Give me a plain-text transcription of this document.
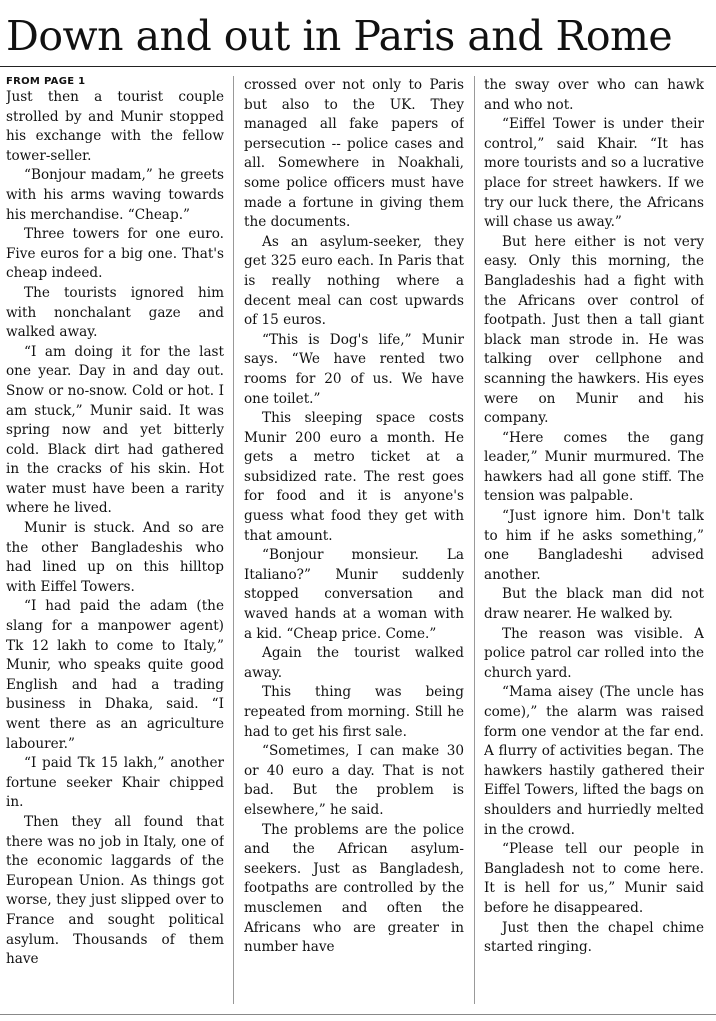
Down and out in Paris and Rome
FROM PAGE 1

Just then a tourist couple strolled by and Munir stopped his exchange with the fellow tower-seller.

“Bonjour madam,” he greets with his arms waving towards his merchandise. “Cheap.”

Three towers for one euro. Five euros for a big one. That's cheap indeed.

The tourists ignored him with nonchalant gaze and walked away.

“I am doing it for the last one year. Day in and day out. Snow or no-snow. Cold or hot. I am stuck,” Munir said. It was spring now and yet bitterly cold. Black dirt had gathered in the cracks of his skin. Hot water must have been a rarity where he lived.

Munir is stuck. And so are the other Bangladeshis who had lined up on this hilltop with Eiffel Towers.

“I had paid the adam (the slang for a manpower agent) Tk 12 lakh to come to Italy,” Munir, who speaks quite good English and had a trading business in Dhaka, said. “I went there as an agriculture labourer.”

“I paid Tk 15 lakh,” another fortune seeker Khair chipped in.

Then they all found that there was no job in Italy, one of the economic laggards of the European Union. As things got worse, they just slipped over to France and sought political asylum. Thousands of them have

crossed over not only to Paris but also to the UK. They managed all fake papers of persecution -- police cases and all. Somewhere in Noakhali, some police officers must have made a fortune in giving them the documents.

As an asylum-seeker, they get 325 euro each. In Paris that is really nothing where a decent meal can cost upwards of 15 euros.

“This is Dog's life,” Munir says. “We have rented two rooms for 20 of us. We have one toilet.”

This sleeping space costs Munir 200 euro a month. He gets a metro ticket at a subsidized rate. The rest goes for food and it is anyone's guess what food they get with that amount.

“Bonjour monsieur. La Italiano?” Munir suddenly stopped conversation and waved hands at a woman with a kid. “Cheap price. Come.”

Again the tourist walked away.

This thing was being repeated from morning. Still he had to get his first sale.

“Sometimes, I can make 30 or 40 euro a day. That is not bad. But the problem is elsewhere,” he said.

The problems are the police and the African asylum-seekers. Just as Bangladesh, footpaths are controlled by the musclemen and often the Africans who are greater in number have

the sway over who can hawk and who not.

“Eiffel Tower is under their control,” said Khair. “It has more tourists and so a lucrative place for street hawkers. If we try our luck there, the Africans will chase us away.”

But here either is not very easy. Only this morning, the Bangladeshis had a fight with the Africans over control of footpath. Just then a tall giant black man strode in. He was talking over cellphone and scanning the hawkers. His eyes were on Munir and his company.

“Here comes the gang leader,” Munir murmured. The hawkers had all gone stiff. The tension was palpable.

“Just ignore him. Don't talk to him if he asks something,” one Bangladeshi advised another.

But the black man did not draw nearer. He walked by.

The reason was visible. A police patrol car rolled into the church yard.

“Mama aisey (The uncle has come),” the alarm was raised form one vendor at the far end. A flurry of activities began. The hawkers hastily gathered their Eiffel Towers, lifted the bags on shoulders and hurriedly melted in the crowd.

“Please tell our people in Bangladesh not to come here. It is hell for us,” Munir said before he disappeared.

Just then the chapel chime started ringing.
